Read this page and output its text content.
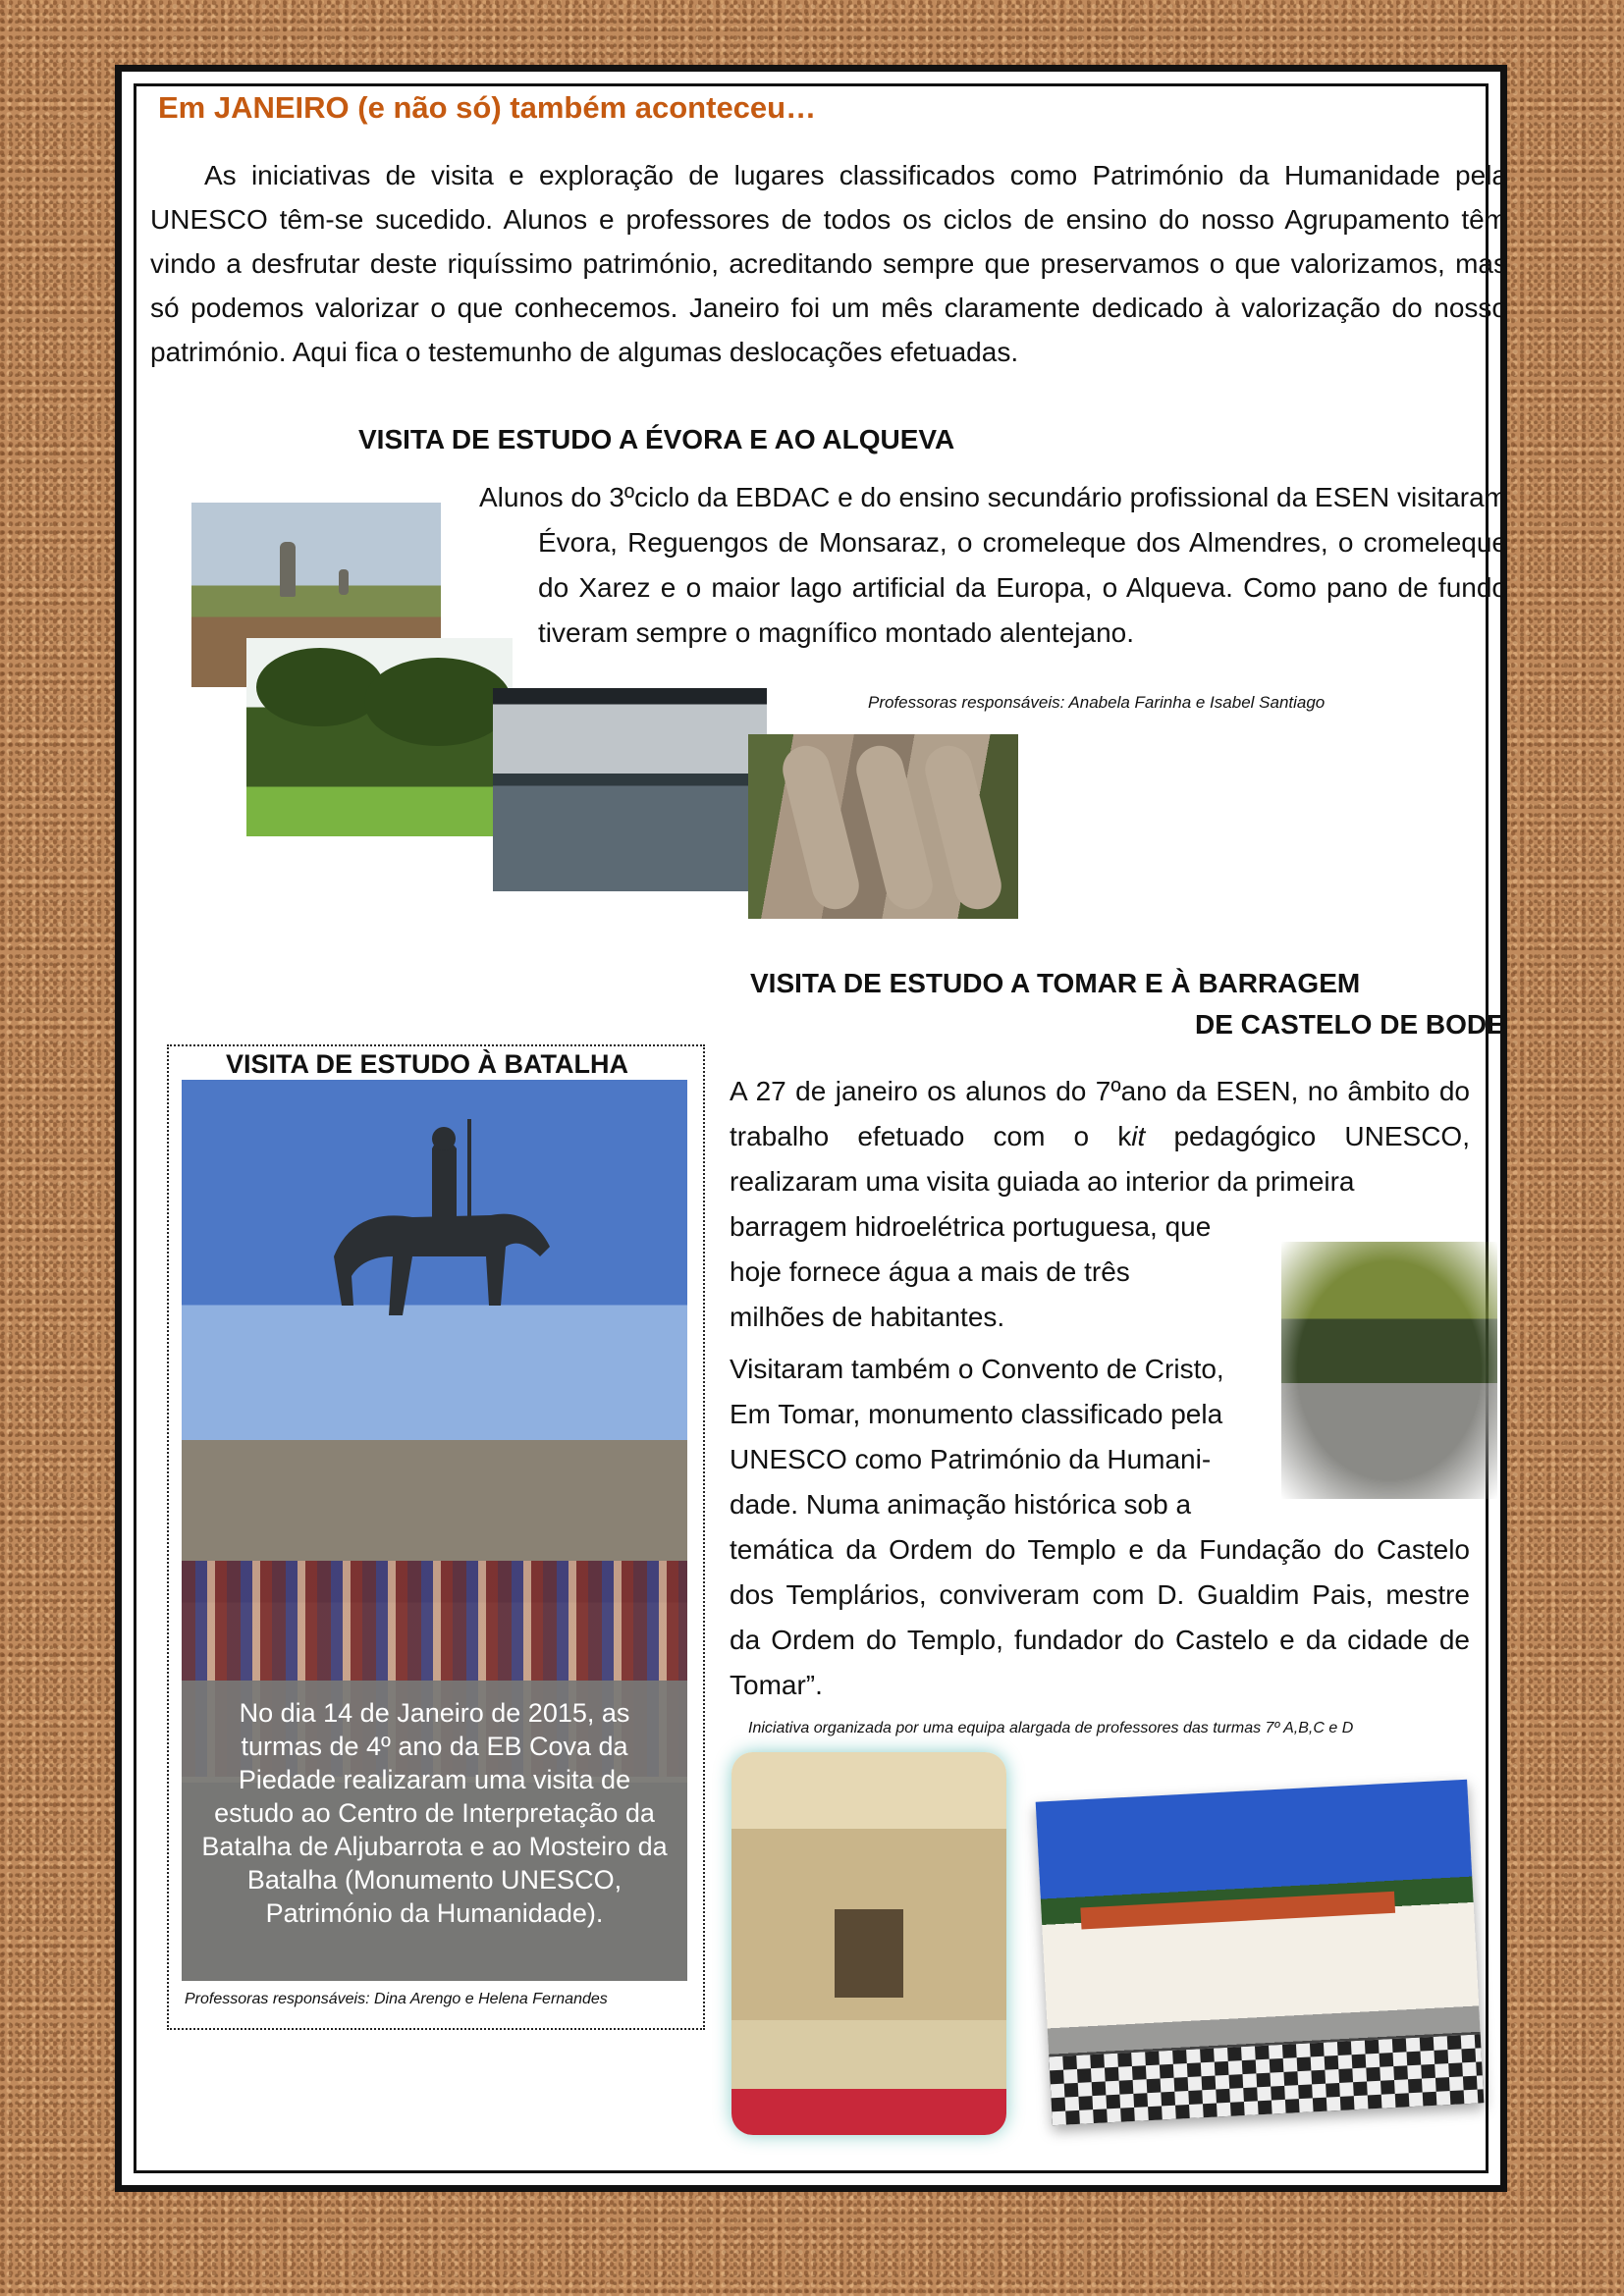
Em JANEIRO (e não só) também aconteceu…

As iniciativas de visita e exploração de lugares classificados como Património da Humanidade pela UNESCO têm-se sucedido. Alunos e professores de todos os ciclos de ensino do nosso Agrupamento têm vindo a desfrutar deste riquíssimo património, acreditando sempre que preservamos o que valorizamos, mas só podemos valorizar o que conhecemos. Janeiro foi um mês claramente dedicado à valorização do nosso património. Aqui fica o testemunho de algumas deslocações efetuadas.

VISITA DE ESTUDO A ÉVORA E AO ALQUEVA

Alunos do 3ºciclo da EBDAC e do ensino secundário profissional da ESEN visitaram Évora, Reguengos de Monsaraz, o cromeleque dos Almendres, o cromeleque do Xarez e o maior lago artificial da Europa, o Alqueva. Como pano de fundo tiveram sempre o magnífico montado alentejano.

Professoras responsáveis: Anabela Farinha e Isabel Santiago
VISITA DE ESTUDO A TOMAR E À BARRAGEM
DE CASTELO DE BODE
A 27 de janeiro os alunos do 7ºano da ESEN, no âmbito do trabalho efetuado com o kit pedagógico UNESCO, realizaram uma visita guiada ao interior da primeira
barragem hidroelétrica portuguesa, que
hoje fornece água a mais de três
milhões de habitantes.
Visitaram também o Convento de Cristo,
Em Tomar, monumento classificado pela
UNESCO como Património da Humani-
dade. Numa animação histórica sob a

temática da Ordem do Templo e da Fundação do Castelo dos Templários, conviveram com D. Gualdim Pais, mestre da Ordem do Templo, fundador do Castelo e da cidade de Tomar”.

Iniciativa organizada por uma equipa alargada de professores das turmas 7º A,B,C e D
VISITA DE ESTUDO À BATALHA
No dia 14 de Janeiro de 2015, as turmas de 4º ano da EB Cova da Piedade realizaram uma visita de estudo ao Centro de Interpretação da Batalha de Aljubarrota e ao Mosteiro da Batalha (Monumento UNESCO, Património da Humanidade).
Professoras responsáveis: Dina Arengo e Helena Fernandes
